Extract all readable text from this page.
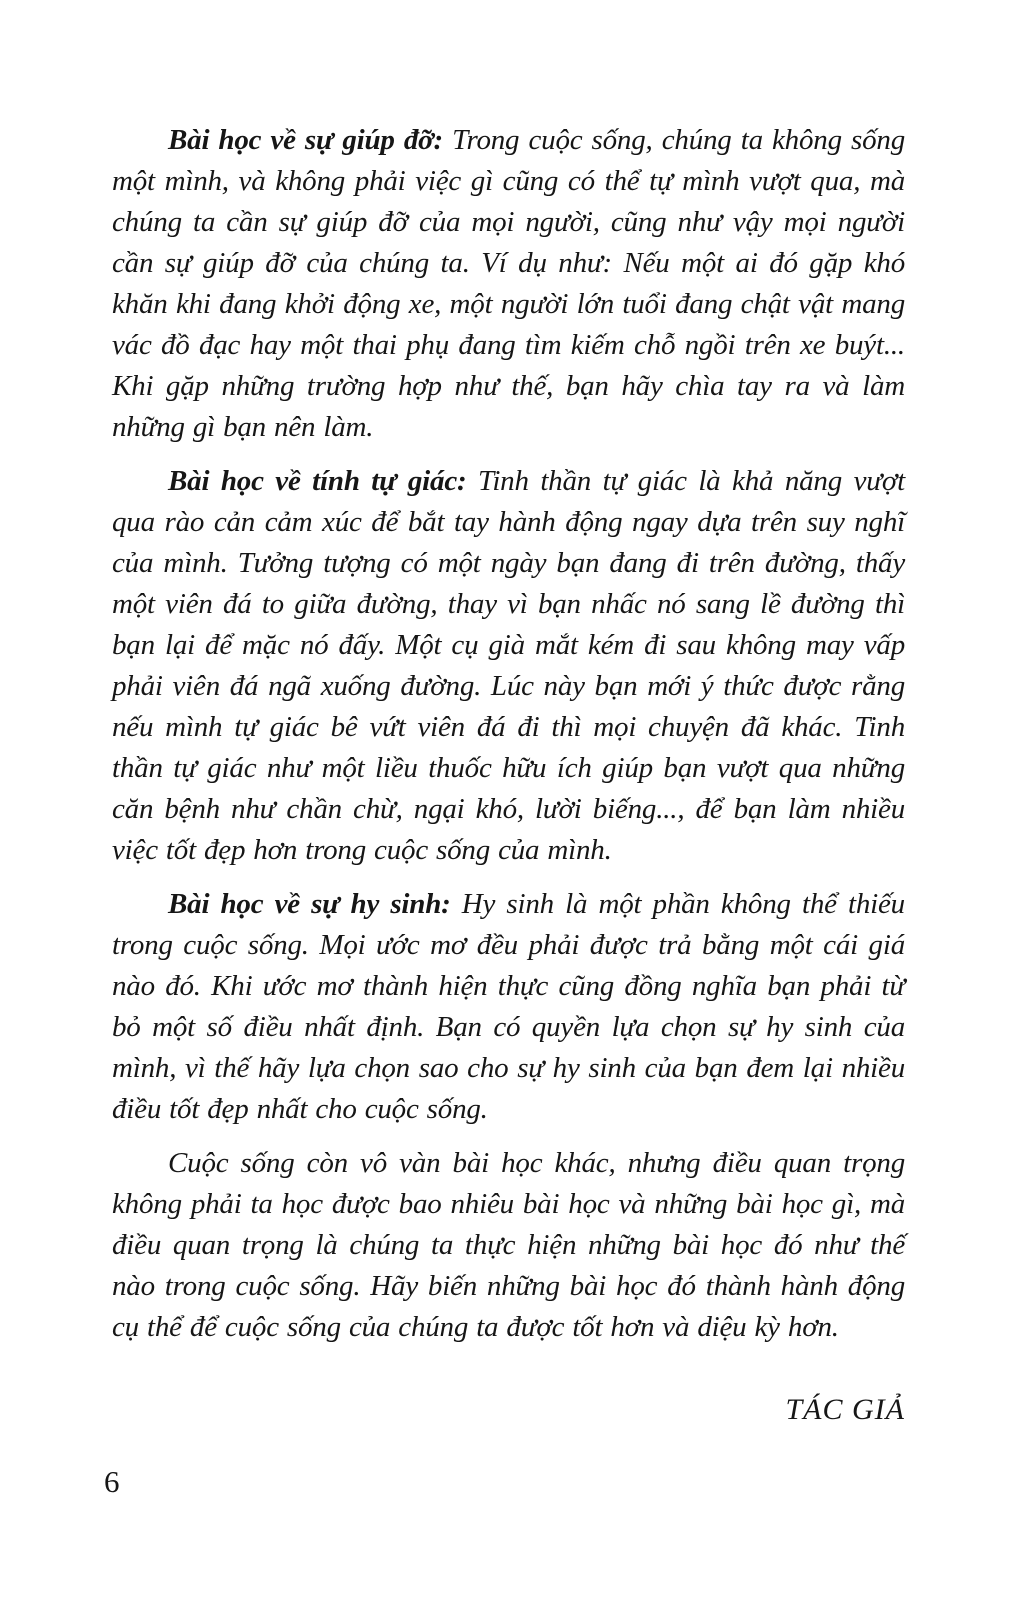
Bài học về sự giúp đỡ: Trong cuộc sống, chúng ta không sống một mình, và không phải việc gì cũng có thể tự mình vượt qua, mà chúng ta cần sự giúp đỡ của mọi người, cũng như vậy mọi người cần sự giúp đỡ của chúng ta. Ví dụ như: Nếu một ai đó gặp khó khăn khi đang khởi động xe, một người lớn tuổi đang chật vật mang vác đồ đạc hay một thai phụ đang tìm kiếm chỗ ngồi trên xe buýt... Khi gặp những trường hợp như thế, bạn hãy chìa tay ra và làm những gì bạn nên làm.

Bài học về tính tự giác: Tinh thần tự giác là khả năng vượt qua rào cản cảm xúc để bắt tay hành động ngay dựa trên suy nghĩ của mình. Tưởng tượng có một ngày bạn đang đi trên đường, thấy một viên đá to giữa đường, thay vì bạn nhấc nó sang lề đường thì bạn lại để mặc nó đấy. Một cụ già mắt kém đi sau không may vấp phải viên đá ngã xuống đường. Lúc này bạn mới ý thức được rằng nếu mình tự giác bê vứt viên đá đi thì mọi chuyện đã khác. Tinh thần tự giác như một liều thuốc hữu ích giúp bạn vượt qua những căn bệnh như chần chừ, ngại khó, lười biếng..., để bạn làm nhiều việc tốt đẹp hơn trong cuộc sống của mình.

Bài học về sự hy sinh: Hy sinh là một phần không thể thiếu trong cuộc sống. Mọi ước mơ đều phải được trả bằng một cái giá nào đó. Khi ước mơ thành hiện thực cũng đồng nghĩa bạn phải từ bỏ một số điều nhất định. Bạn có quyền lựa chọn sự hy sinh của mình, vì thế hãy lựa chọn sao cho sự hy sinh của bạn đem lại nhiều điều tốt đẹp nhất cho cuộc sống.

Cuộc sống còn vô vàn bài học khác, nhưng điều quan trọng không phải ta học được bao nhiêu bài học và những bài học gì, mà điều quan trọng là chúng ta thực hiện những bài học đó như thế nào trong cuộc sống. Hãy biến những bài học đó thành hành động cụ thể để cuộc sống của chúng ta được tốt hơn và diệu kỳ hơn.

TÁC GIẢ
6
